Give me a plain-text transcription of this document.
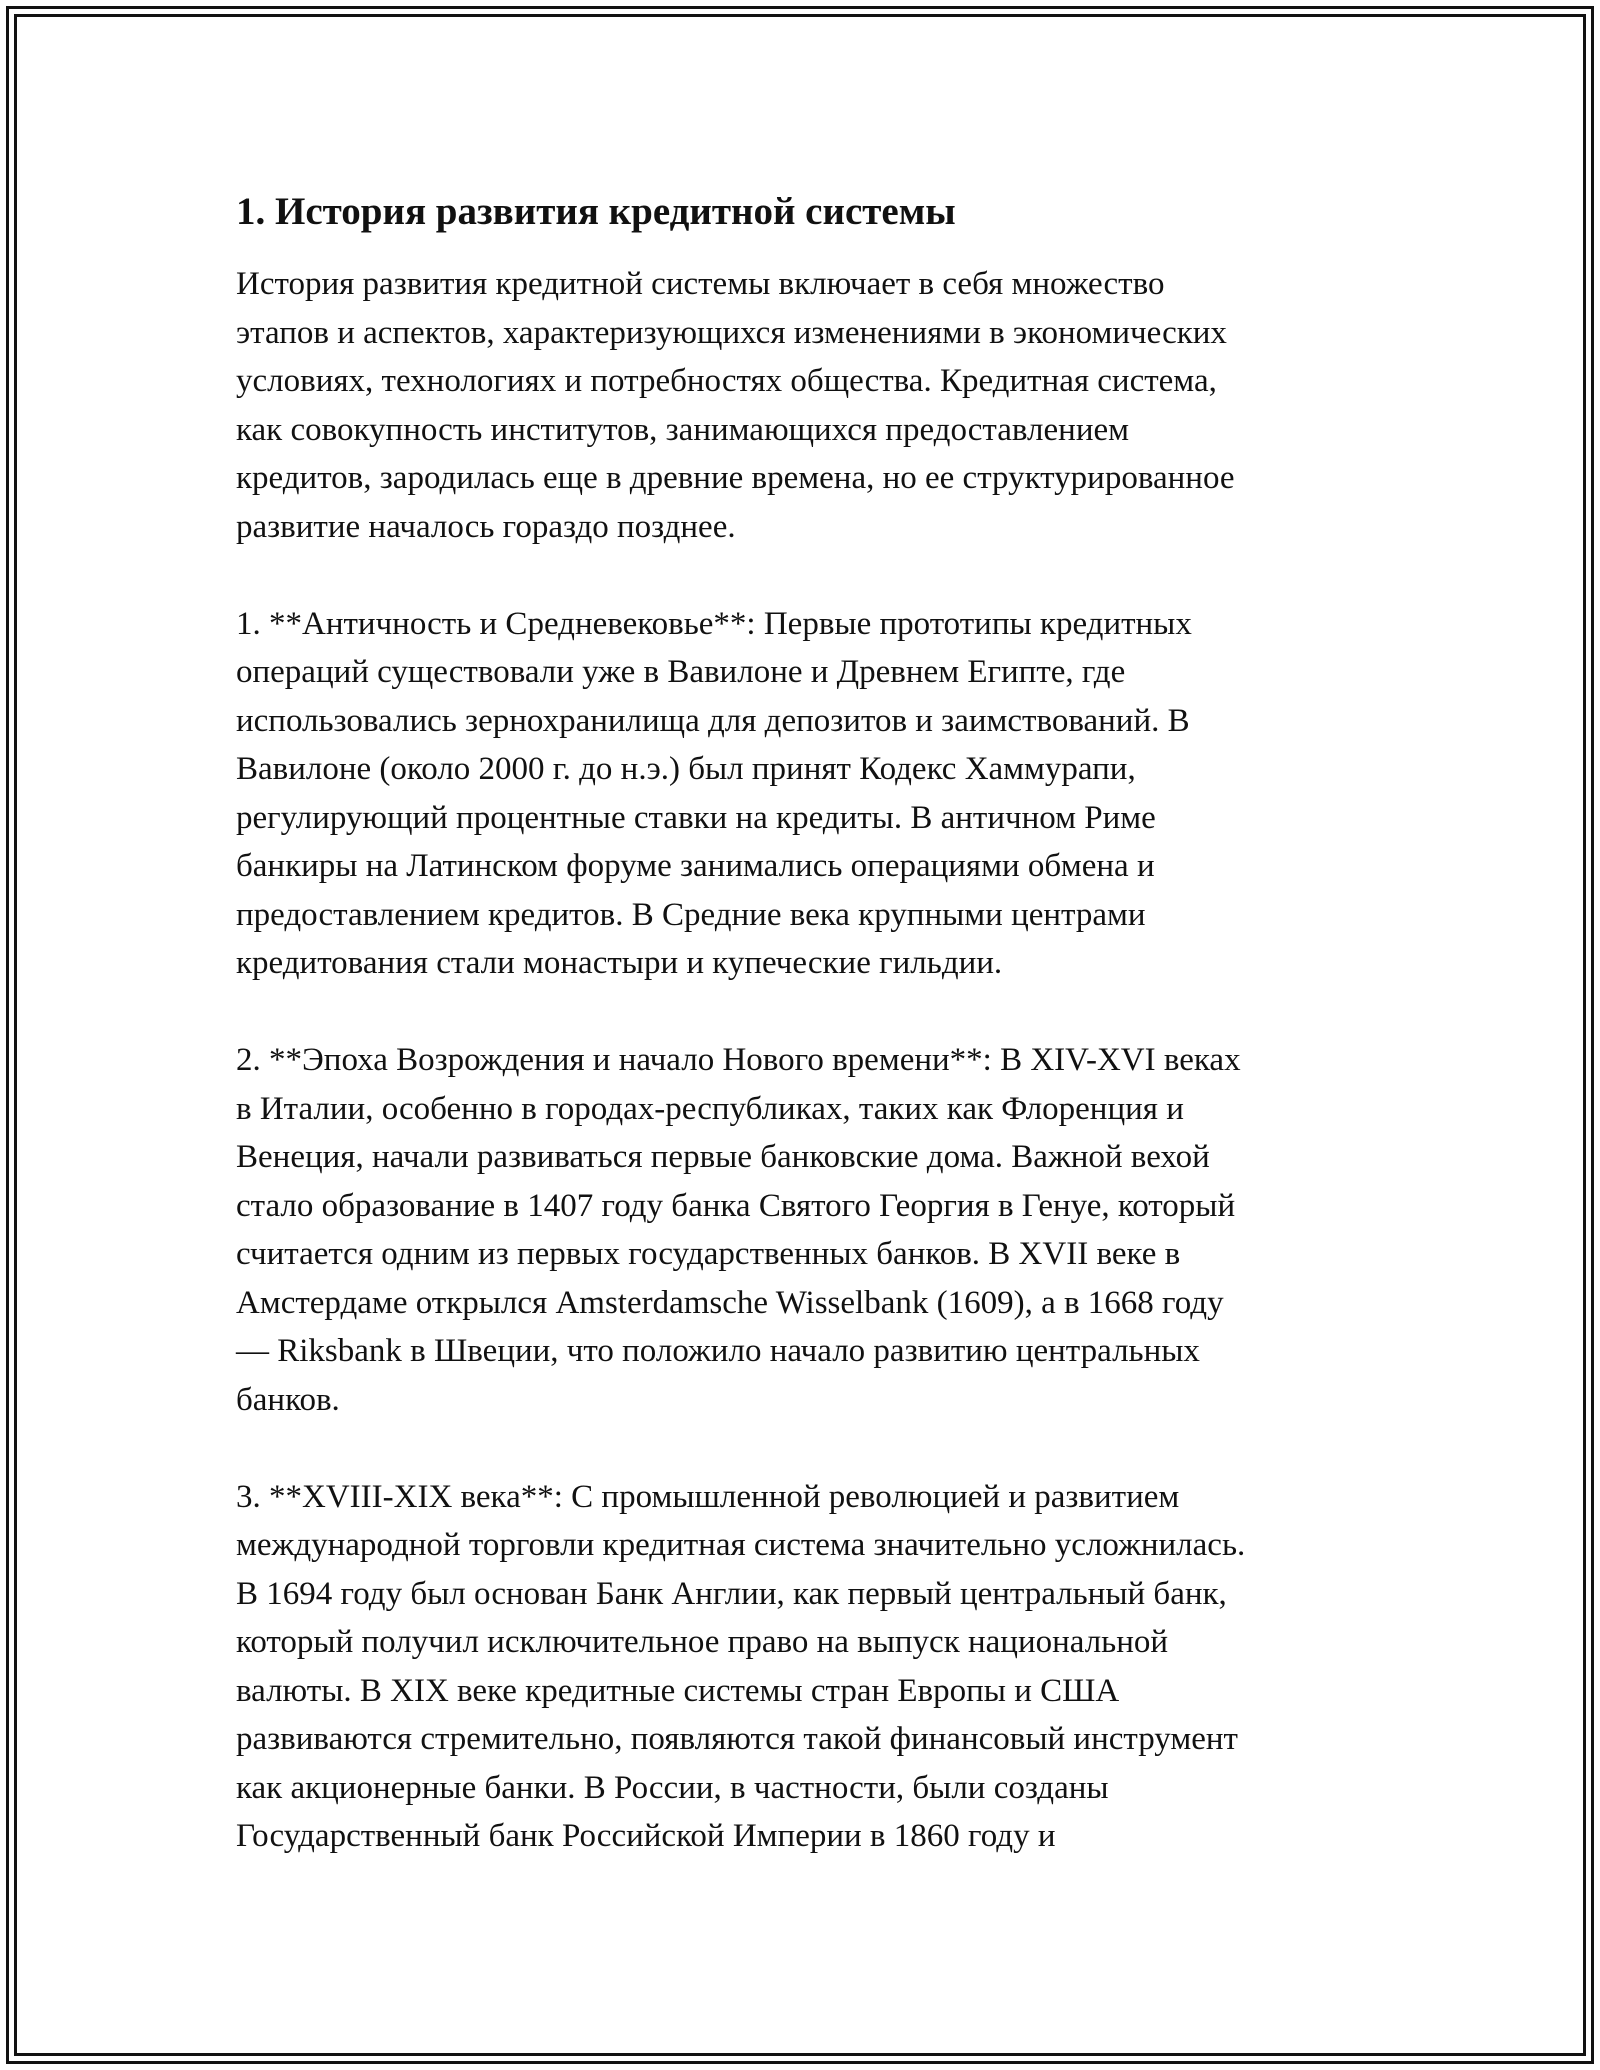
1. История развития кредитной системы

История развития кредитной системы включает в себя множество
этапов и аспектов, характеризующихся изменениями в экономических
условиях, технологиях и потребностях общества. Кредитная система,
как совокупность институтов, занимающихся предоставлением
кредитов, зародилась еще в древние времена, но ее структурированное
развитие началось гораздо позднее.

1. **Античность и Средневековье**: Первые прототипы кредитных
операций существовали уже в Вавилоне и Древнем Египте, где
использовались зернохранилища для депозитов и заимствований. В
Вавилоне (около 2000 г. до н.э.) был принят Кодекс Хаммурапи,
регулирующий процентные ставки на кредиты. В античном Риме
банкиры на Латинском форуме занимались операциями обмена и
предоставлением кредитов. В Средние века крупными центрами
кредитования стали монастыри и купеческие гильдии.

2. **Эпоха Возрождения и начало Нового времени**: В XIV-XVI веках
в Италии, особенно в городах-республиках, таких как Флоренция и
Венеция, начали развиваться первые банковские дома. Важной вехой
стало образование в 1407 году банка Святого Георгия в Генуе, который
считается одним из первых государственных банков. В XVII веке в
Амстердаме открылся Amsterdamsche Wisselbank (1609), а в 1668 году
— Riksbank в Швеции, что положило начало развитию центральных
банков.

3. **XVIII-XIX века**: С промышленной революцией и развитием
международной торговли кредитная система значительно усложнилась.
В 1694 году был основан Банк Англии, как первый центральный банк,
который получил исключительное право на выпуск национальной
валюты. В XIX веке кредитные системы стран Европы и США
развиваются стремительно, появляются такой финансовый инструмент
как акционерные банки. В России, в частности, были созданы
Государственный банк Российской Империи в 1860 году и
